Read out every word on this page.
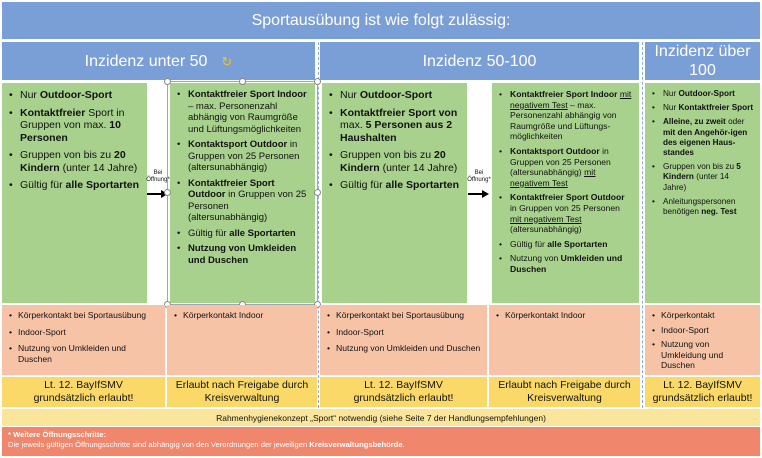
Sportausübung ist wie folgt zulässig:
Inzidenz unter 50 ↻	Inzidenz 50-100
Inzidenz über
100
• Nur Outdoor-Sport
• Kontaktfreier Sport in Gruppen von max. 10 Personen
• Gruppen von bis zu 20 Kindern (unter 14 Jahre)
• Gültig für alle Sportarten
Bei
Öffnung*
• Kontaktfreier Sport Indoor – max. Personenzahl abhängig von Raumgröße und Lüftungsmöglichkeiten
• Kontaktsport Outdoor in Gruppen von 25 Personen (altersunabhängig)
• Kontaktfreier Sport Outdoor in Gruppen von 25 Personen (altersunabhängig)
• Gültig für alle Sportarten
• Nutzung von Umkleiden und Duschen
• Nur Outdoor-Sport
• Kontaktfreier Sport von max. 5 Personen aus 2 Haushalten
• Gruppen von bis zu 20 Kindern (unter 14 Jahre)
• Gültig für alle Sportarten
Bei
Öffnung*
• Kontaktfreier Sport Indoor mit negativem Test – max. Personenzahl abhängig von Raumgröße und Lüftungs-möglichkeiten
• Kontaktsport Outdoor in Gruppen von 25 Personen (altersunabhängig) mit negativem Test
• Kontaktfreier Sport Outdoor in Gruppen von 25 Personen mit negativem Test (altersunabhängig)
• Gültig für alle Sportarten
• Nutzung von Umkleiden und Duschen
• Nur Outdoor-Sport
• Nur Kontaktfreier Sport
• Alleine, zu zweit oder mit den Angehör-igen des eigenen Haus-standes
• Gruppen von bis zu 5 Kindern (unter 14 Jahre)
• Anleitungspersonen benötigen neg. Test
• Körperkontakt bei Sportausübung
• Indoor-Sport
• Nutzung von Umkleiden und Duschen
• Körperkontakt Indoor	• Körperkontakt bei Sportausübung
• Indoor-Sport
• Nutzung von Umkleiden und Duschen
• Körperkontakt Indoor	• Körperkontakt
• Indoor-Sport
• Nutzung von Umkleidung und Duschen
Lt. 12. BayIfSMV
grundsätzlich erlaubt!
Erlaubt nach Freigabe durch
Kreisverwaltung
Lt. 12. BayIfSMV
grundsätzlich erlaubt!
Erlaubt nach Freigabe durch
Kreisverwaltung
Lt. 12. BayIfSMV
grundsätzlich erlaubt!
Rahmenhygienekonzept „Sport“ notwendig (siehe Seite 7 der Handlungsempfehlungen)
* Weitere Öffnungsschritte:
Die jeweils gültigen Öffnungsschritte sind abhängig von den Verordnungen der jeweiligen Kreisverwaltungsbehörde.
